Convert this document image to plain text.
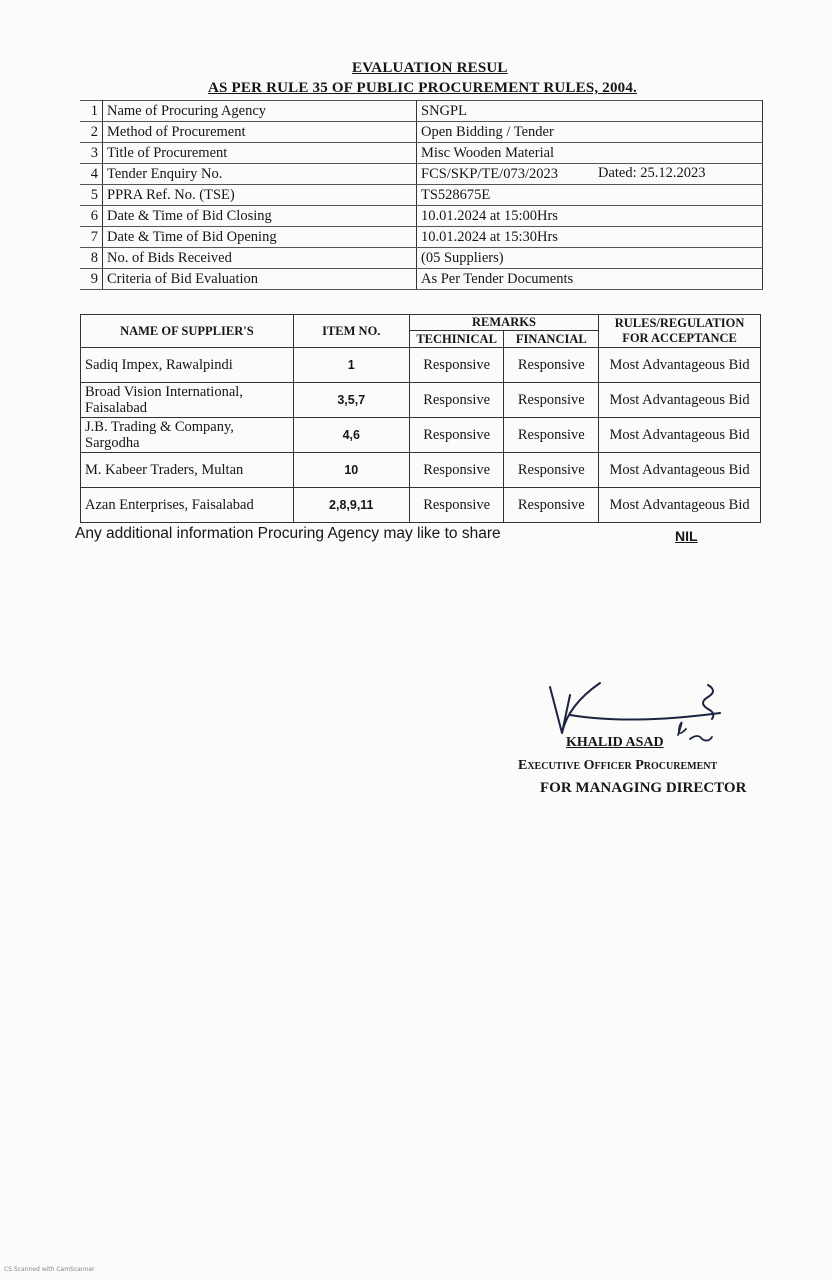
EVALUATION RESUL
AS PER RULE 35 OF PUBLIC PROCUREMENT RULES, 2004.
1	Name of Procuring Agency	SNGPL
2	Method of Procurement	Open Bidding / Tender
3	Title of Procurement	Misc Wooden Material
4	Tender Enquiry No.	FCS/SKP/TE/073/2023 Dated: 25.12.2023

5	PPRA Ref. No. (TSE)	TS528675E
6	Date & Time of Bid Closing	10.01.2024 at 15:00Hrs
7	Date & Time of Bid Opening	10.01.2024 at 15:30Hrs
8	No. of Bids Received	(05 Suppliers)
9	Criteria of Bid Evaluation	As Per Tender Documents
NAME OF SUPPLIER'S	ITEM NO.	REMARKS		RULES/REGULATION
FOR ACCEPTANCE

		TECHINICAL	FINANCIAL	

Sadiq Impex, Rawalpindi	1	Responsive	Responsive	Most Advantageous Bid

Broad Vision International,
Faisalabad	3,5,7	Responsive	Responsive	Most Advantageous Bid

J.B. Trading & Company,
Sargodha	4,6	Responsive	Responsive	Most Advantageous Bid

M. Kabeer Traders, Multan	10	Responsive	Responsive	Most Advantageous Bid

Azan Enterprises, Faisalabad	2,8,9,11	Responsive	Responsive	Most Advantageous Bid
Any additional information Procuring Agency may like to share	NIL
KHALID ASAD
Executive Officer Procurement
FOR MANAGING DIRECTOR
CS Scanned with CamScanner
